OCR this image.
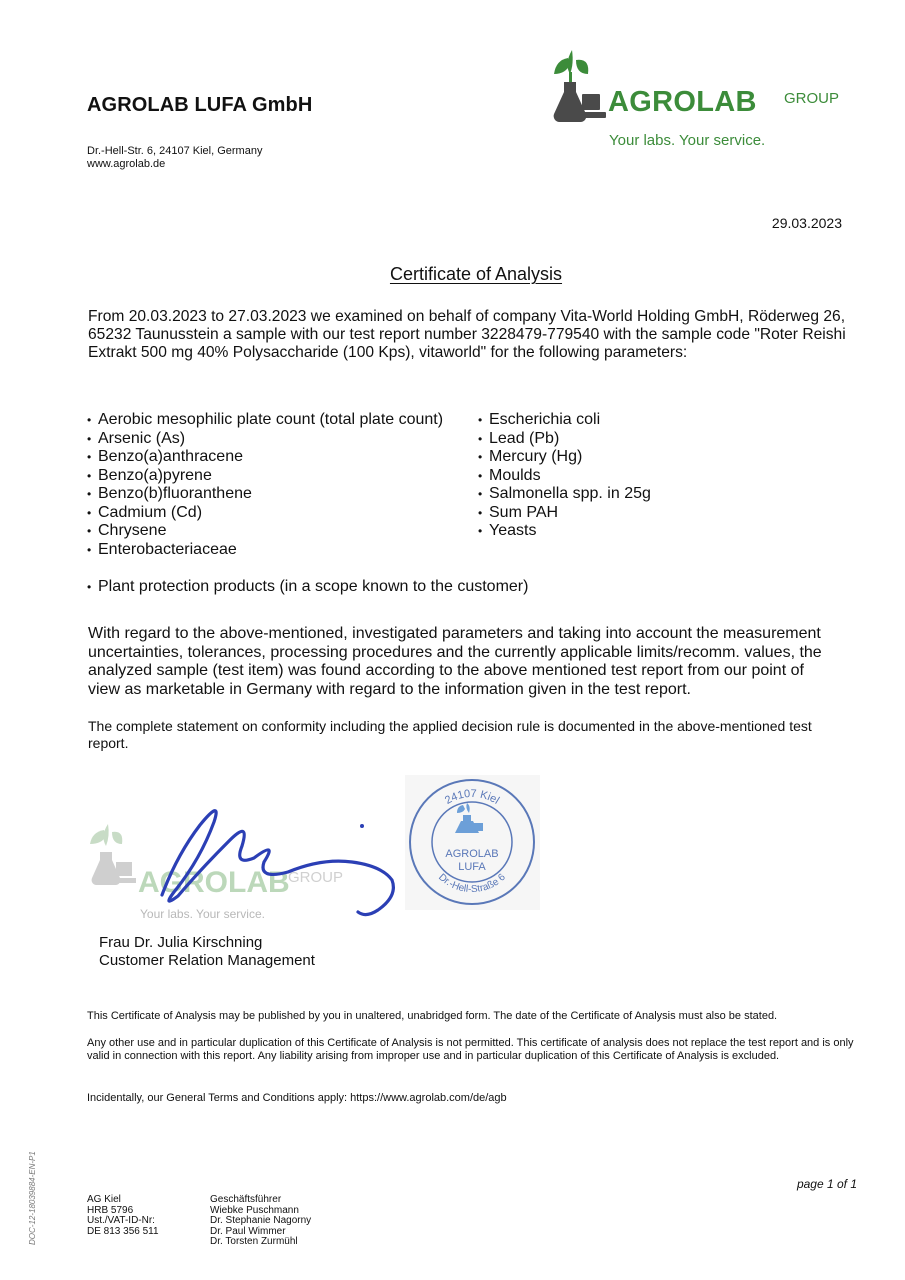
AGROLAB LUFA GmbH
Dr.-Hell-Str. 6, 24107 Kiel, Germany
www.agrolab.de
AGROLAB GROUP
Your labs. Your service.
29.03.2023
Certificate of Analysis
From 20.03.2023 to 27.03.2023 we examined on behalf of company Vita-World Holding GmbH, Röderweg 26, 65232 Taunusstein a sample with our test report number 3228479-779540 with the sample code "Roter Reishi Extrakt 500 mg 40% Polysaccharide (100 Kps), vitaworld" for the following parameters:
• Aerobic mesophilic plate count (total plate count)
• Arsenic (As)
• Benzo(a)anthracene
• Benzo(a)pyrene
• Benzo(b)fluoranthene
• Cadmium (Cd)
• Chrysene
• Enterobacteriaceae
• Escherichia coli
• Lead (Pb)
• Mercury (Hg)
• Moulds
• Salmonella spp. in 25g
• Sum PAH
• Yeasts
• Plant protection products (in a scope known to the customer)
With regard to the above-mentioned, investigated parameters and taking into account the measurement uncertainties, tolerances, processing procedures and the currently applicable limits/recomm. values, the analyzed sample (test item) was found according to the above mentioned test report from our point of view as marketable in Germany with regard to the information given in the test report.
The complete statement on conformity including the applied decision rule is documented in the above-mentioned test report.
AGROLAB
GROUP
Your labs. Your service.
24107 Kiel
Dr.-Hell-Straße 6
AGROLAB
LUFA
Frau Dr. Julia Kirschning
Customer Relation Management
This Certificate of Analysis may be published by you in unaltered, unabridged form. The date of the Certificate of Analysis must also be stated.
Any other use and in particular duplication of this Certificate of Analysis is not permitted. This certificate of analysis does not replace the test report and is only valid in connection with this report. Any liability arising from improper use and in particular duplication of this Certificate of Analysis is excluded.
Incidentally, our General Terms and Conditions apply: https://www.agrolab.com/de/agb
DOC-12-18039884-EN-P1	page 1 of 1
AG Kiel
HRB 5796
Ust./VAT-ID-Nr:
DE 813 356 511
Geschäftsführer
Wiebke Puschmann
Dr. Stephanie Nagorny
Dr. Paul Wimmer
Dr. Torsten Zurmühl
